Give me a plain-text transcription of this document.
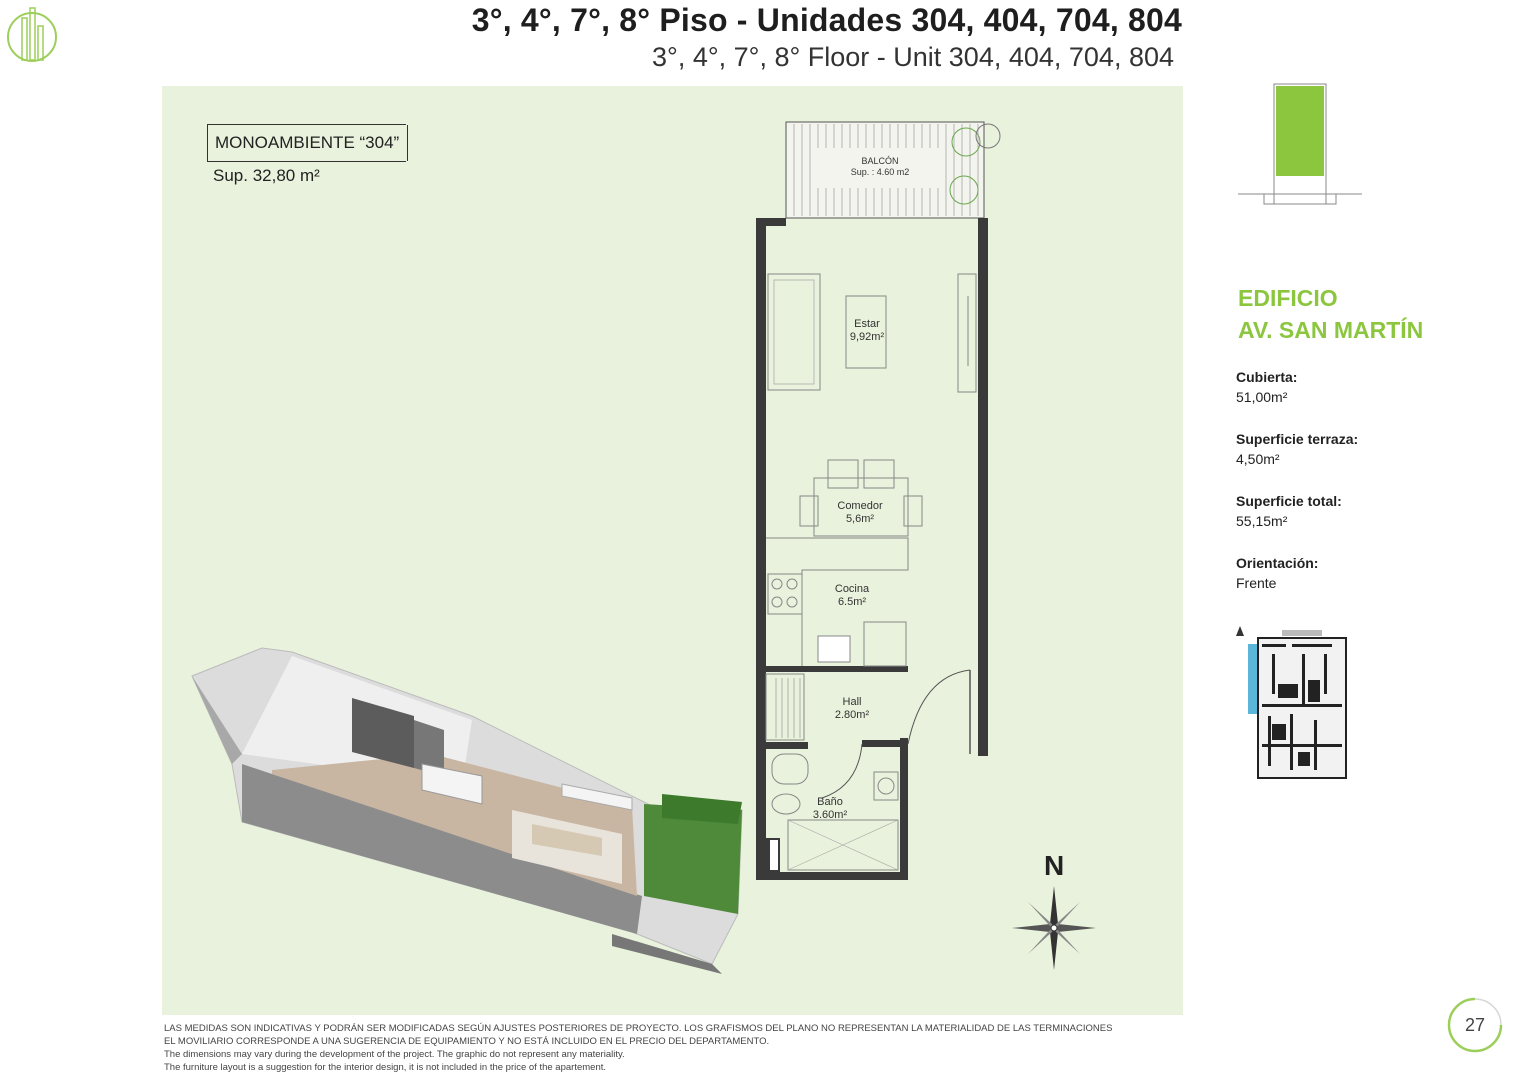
3°, 4°, 7°, 8° Piso - Unidades 304, 404, 704, 804
3°, 4°, 7°, 8° Floor - Unit 304, 404, 704, 804
MONOAMBIENTE “304”
Sup. 32,80 m²
BALCÓN
Sup. : 4.60 m2
Estar
9,92m²
Comedor
5,6m²
Cocina
6.5m²
Hall
2.80m²
Baño
3.60m²
N
EDIFICIO
AV. SAN MARTÍN
Cubierta:
51,00m²
Superficie terraza:
4,50m²
Superficie total:
55,15m²
Orientación:
Frente
LAS MEDIDAS SON INDICATIVAS Y PODRÁN SER MODIFICADAS SEGÚN AJUSTES POSTERIORES DE PROYECTO. LOS GRAFISMOS DEL PLANO NO REPRESENTAN LA MATERIALIDAD DE LAS TERMINACIONES
EL MOVILIARIO CORRESPONDE A UNA SUGERENCIA DE EQUIPAMIENTO Y NO ESTÁ INCLUIDO EN EL PRECIO DEL DEPARTAMENTO.
The dimensions may vary during the development of the project. The graphic do not represent any materiality.
The furniture layout is a suggestion for the interior design, it is not included in the price of the apartement.
27
